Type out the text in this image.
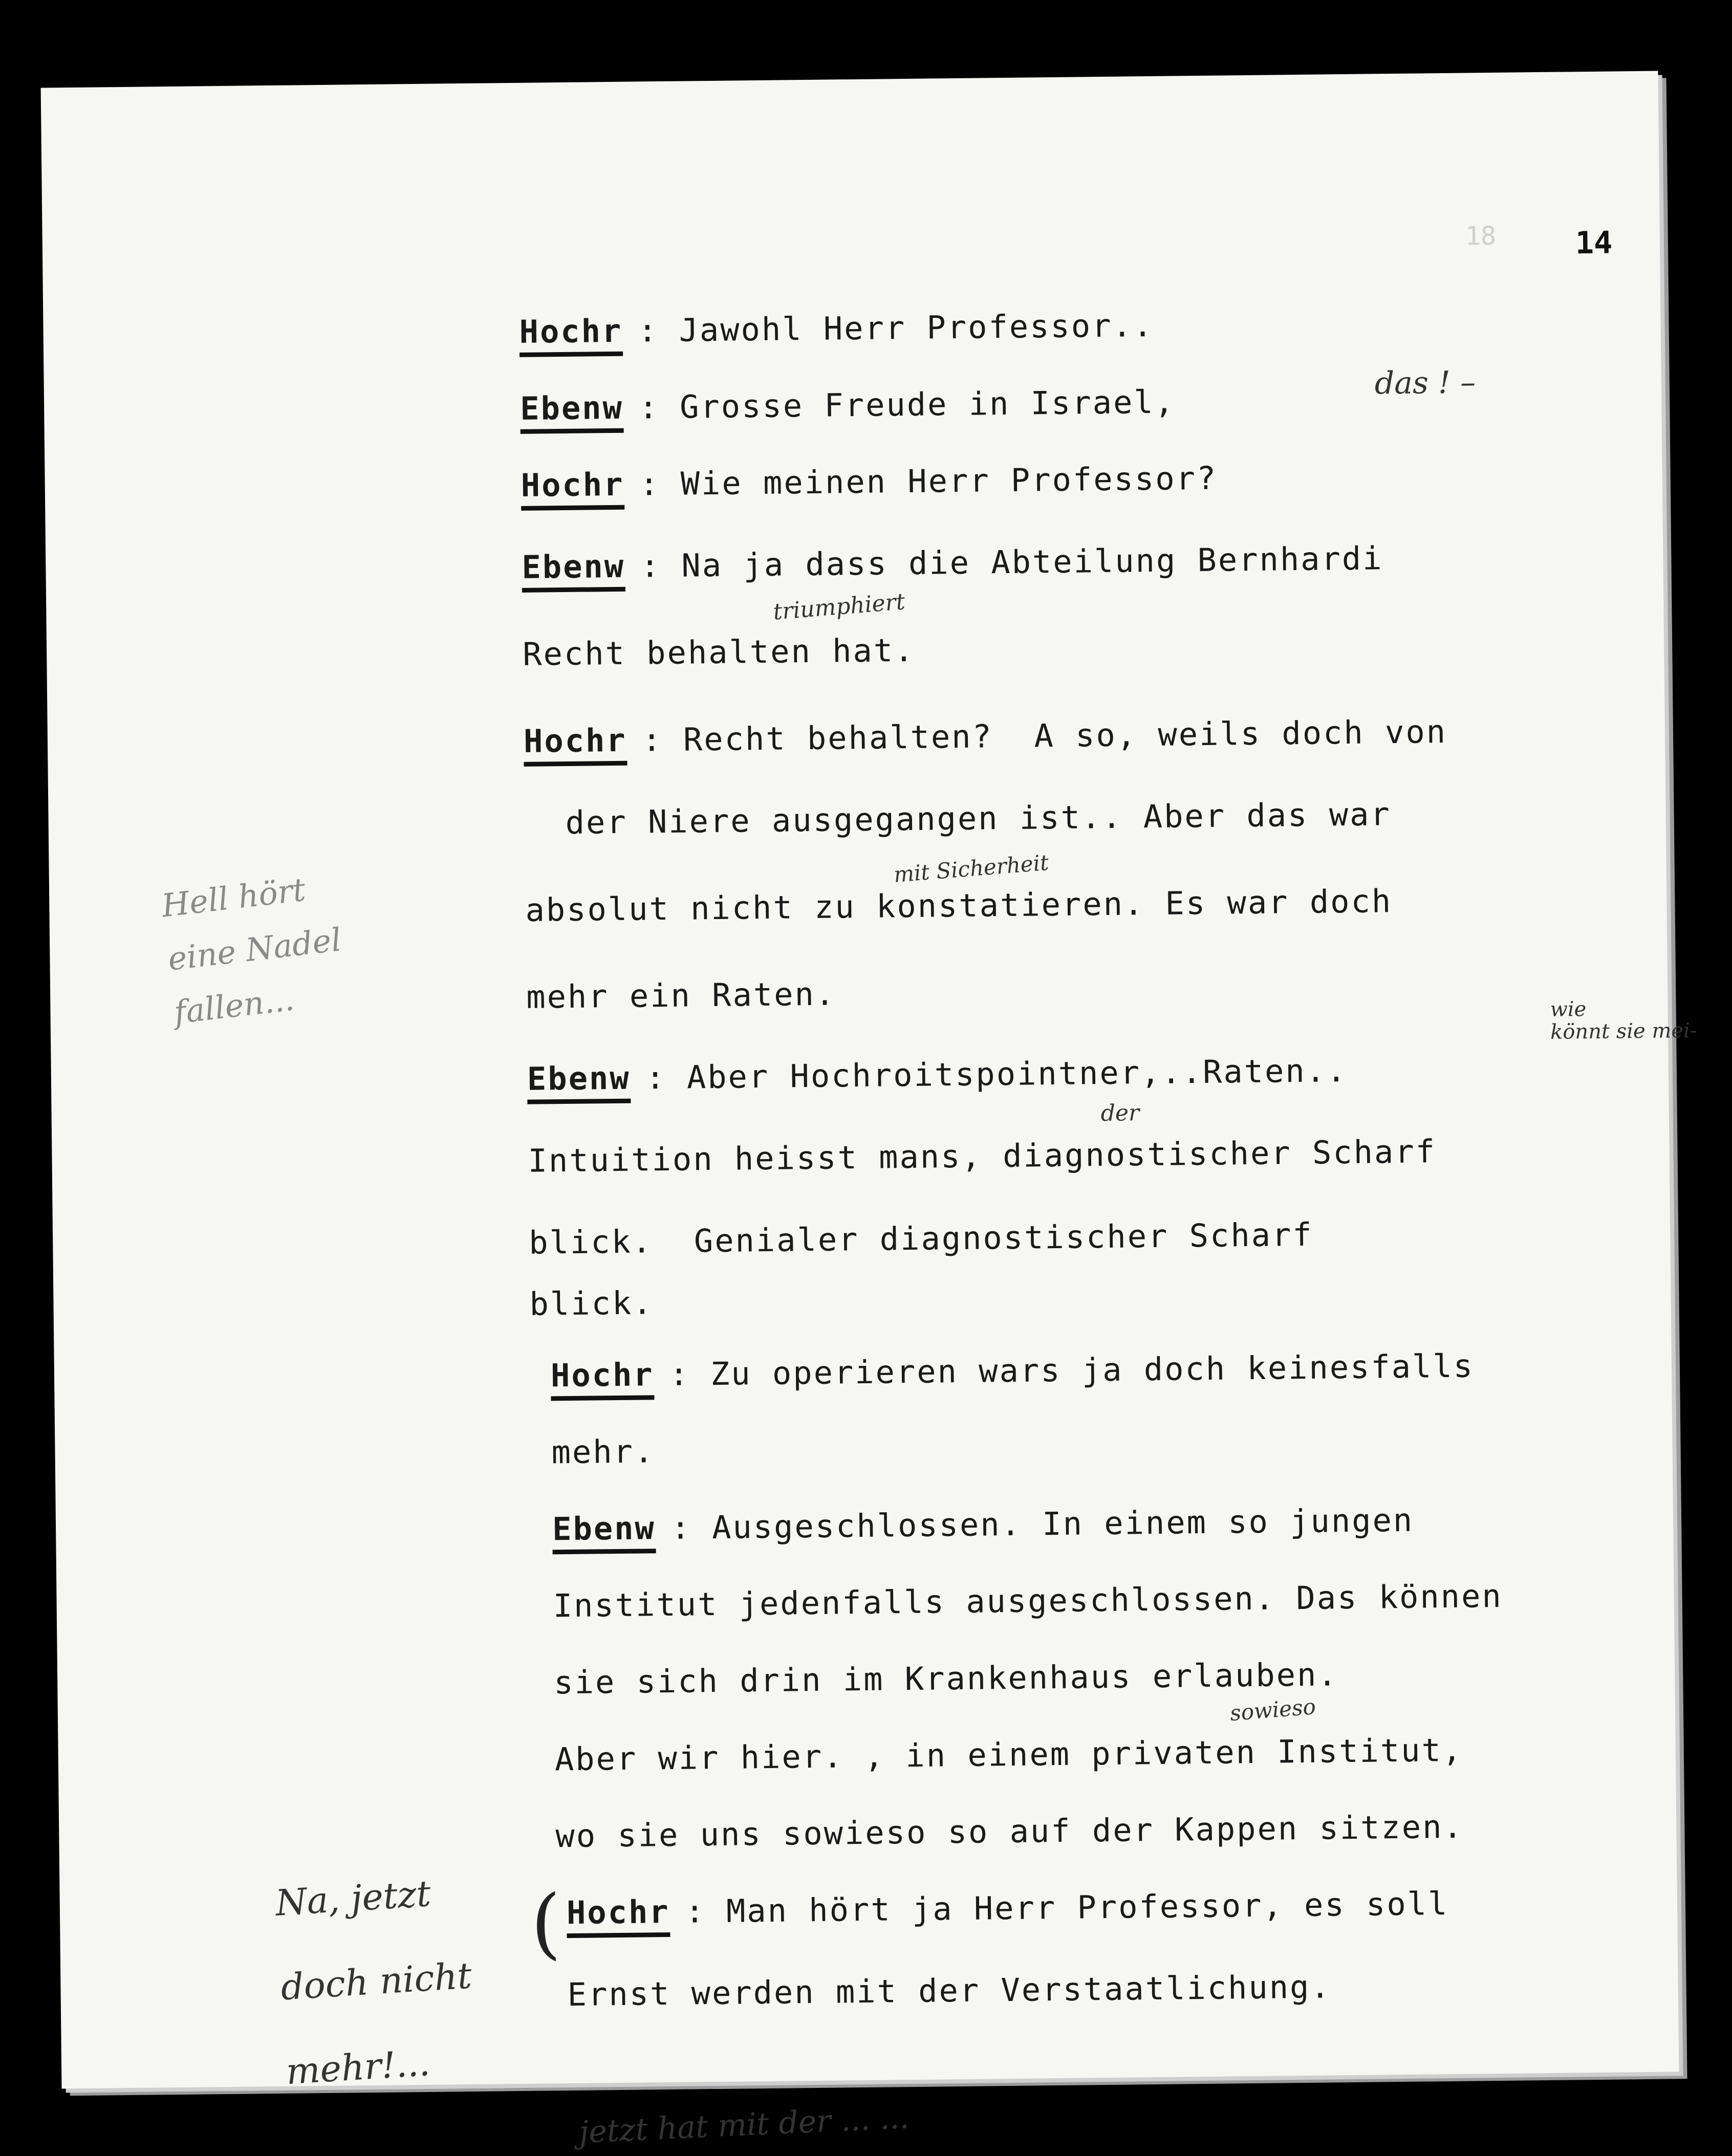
18	14
Hochr : Jawohl Herr Professor..
Ebenw : Grosse Freude in Israel,
Hochr : Wie meinen Herr Professor?
Ebenw : Na ja dass die Abteilung Bernhardi
Recht behalten hat.
Hochr : Recht behalten?  A so, weils doch von
der Niere ausgegangen ist.. Aber das war
absolut nicht zu konstatieren. Es war doch
mehr ein Raten.
Ebenw : Aber Hochroitspointner,..Raten..
Intuition heisst mans, diagnostischer Scharf
blick.  Genialer diagnostischer Scharf
blick.
Hochr : Zu operieren wars ja doch keinesfalls
mehr.
Ebenw : Ausgeschlossen. In einem so jungen
Institut jedenfalls ausgeschlossen. Das können
sie sich drin im Krankenhaus erlauben.
Aber wir hier. , in einem privaten Institut,
wo sie uns sowieso so auf der Kappen sitzen.
Hochr : Man hört ja Herr Professor, es soll
Ernst werden mit der Verstaatlichung.
(
Hell hört
eine Nadel
fallen...
Na, jetzt
doch nicht
mehr!...
jetzt hat mit der ... ...
triumphiert
mit Sicherheit
wie
könnt sie mei-
der
sowieso
das ! –
